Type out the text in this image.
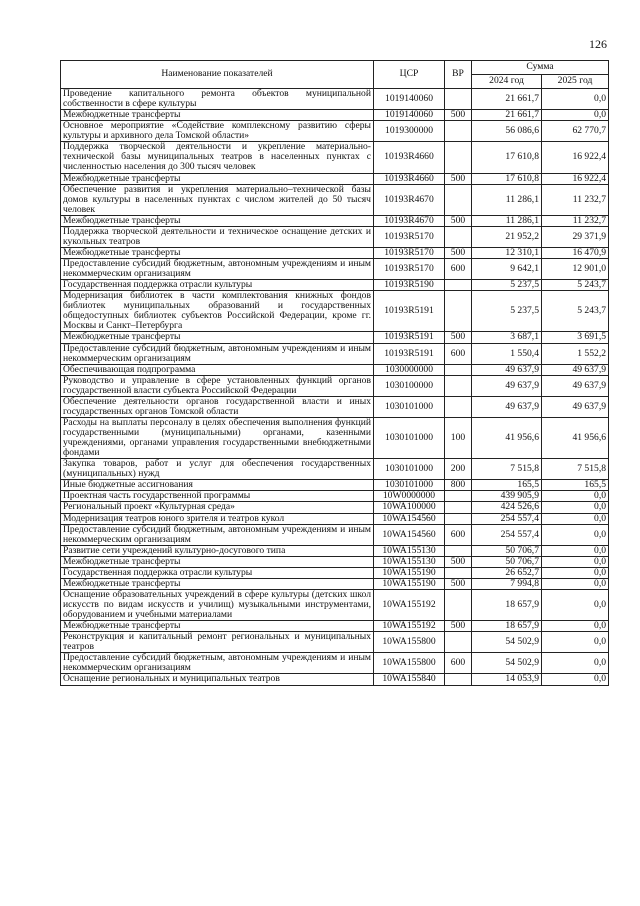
126
Наименование показателей	ЦСР	ВР	Сумма	
			2024 год	2025 год
Проведение капитального ремонта объектов муниципальной собственности в сфере культуры	1019140060		21 661,7	0,0
Межбюджетные трансферты	1019140060	500	21 661,7	0,0
Основное мероприятие «Содействие комплексному развитию сферы культуры и архивного дела Томской области»	1019300000		56 086,6	62 770,7
Поддержка творческой деятельности и укрепление материально-технической базы муниципальных театров в населенных пунктах с численностью населения до 300 тысяч человек	10193R4660		17 610,8	16 922,4
Межбюджетные трансферты	10193R4660	500	17 610,8	16 922,4
Обеспечение развития и укрепления материально–технической базы домов культуры в населенных пунктах с числом жителей до 50 тысяч человек	10193R4670		11 286,1	11 232,7
Межбюджетные трансферты	10193R4670	500	11 286,1	11 232,7
Поддержка творческой деятельности и техническое оснащение детских и кукольных театров	10193R5170		21 952,2	29 371,9
Межбюджетные трансферты	10193R5170	500	12 310,1	16 470,9
Предоставление субсидий бюджетным, автономным учреждениям и иным некоммерческим организациям	10193R5170	600	9 642,1	12 901,0
Государственная поддержка отрасли культуры	10193R5190		5 237,5	5 243,7
Модернизация библиотек в части комплектования книжных фондов библиотек муниципальных образований и государственных общедоступных библиотек субъектов Российской Федерации, кроме гг. Москвы и Санкт–Петербурга	10193R5191		5 237,5	5 243,7
Межбюджетные трансферты	10193R5191	500	3 687,1	3 691,5
Предоставление субсидий бюджетным, автономным учреждениям и иным некоммерческим организациям	10193R5191	600	1 550,4	1 552,2
Обеспечивающая подпрограмма	1030000000		49 637,9	49 637,9
Руководство и управление в сфере установленных функций органов государственной власти субъекта Российской Федерации	1030100000		49 637,9	49 637,9
Обеспечение деятельности органов государственной власти и иных государственных органов Томской области	1030101000		49 637,9	49 637,9
Расходы на выплаты персоналу в целях обеспечения выполнения функций государственными (муниципальными) органами, казенными учреждениями, органами управления государственными внебюджетными фондами	1030101000	100	41 956,6	41 956,6
Закупка товаров, работ и услуг для обеспечения государственных (муниципальных) нужд	1030101000	200	7 515,8	7 515,8
Иные бюджетные ассигнования	1030101000	800	165,5	165,5
Проектная часть государственной программы	10W0000000		439 905,9	0,0
Региональный проект «Культурная среда»	10WA100000		424 526,6	0,0
Модернизация театров юного зрителя и театров кукол	10WA154560		254 557,4	0,0
Предоставление субсидий бюджетным, автономным учреждениям и иным некоммерческим организациям	10WA154560	600	254 557,4	0,0
Развитие сети учреждений культурно-досугового типа	10WA155130		50 706,7	0,0
Межбюджетные трансферты	10WA155130	500	50 706,7	0,0
Государственная поддержка отрасли культуры	10WA155190		26 652,7	0,0
Межбюджетные трансферты	10WA155190	500	7 994,8	0,0
Оснащение образовательных учреждений в сфере культуры (детских школ искусств по видам искусств и училищ) музыкальными инструментами, оборудованием и учебными материалами	10WA155192		18 657,9	0,0
Межбюджетные трансферты	10WA155192	500	18 657,9	0,0
Реконструкция и капитальный ремонт региональных и муниципальных театров	10WA155800		54 502,9	0,0
Предоставление субсидий бюджетным, автономным учреждениям и иным некоммерческим организациям	10WA155800	600	54 502,9	0,0
Оснащение региональных и муниципальных театров	10WA155840		14 053,9	0,0
